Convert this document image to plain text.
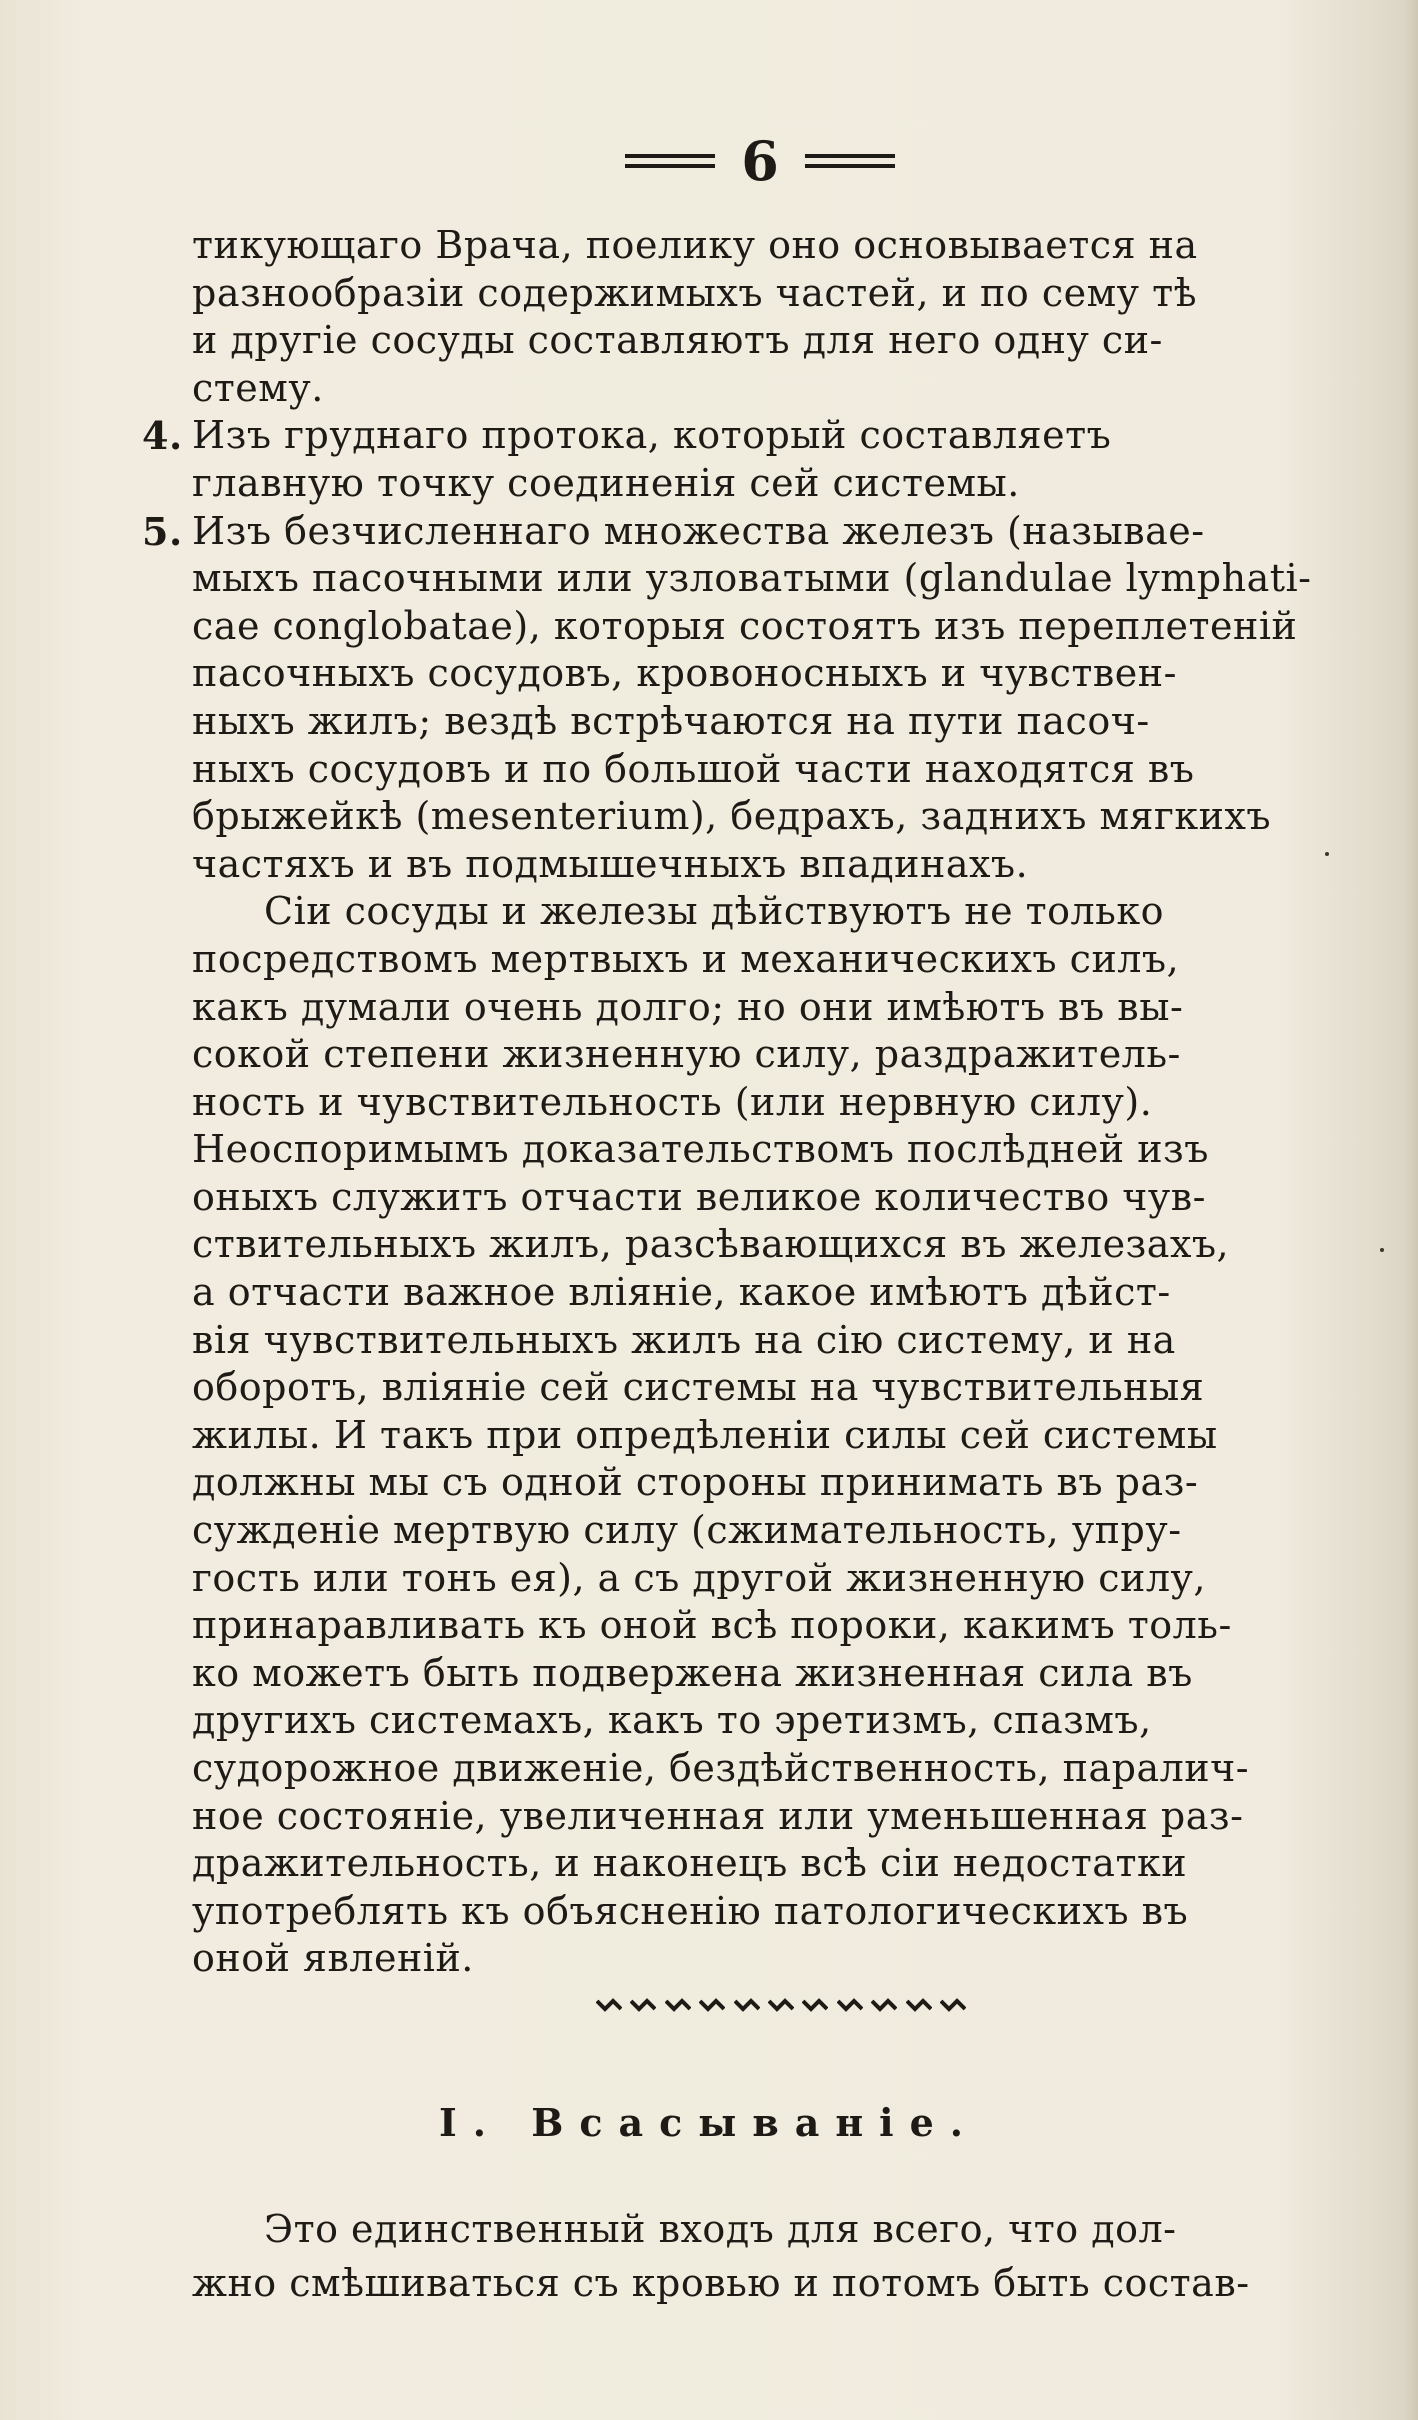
6
тикующаго Врача, поелику оно основывается на
разнообразіи содержимыхъ частей, и по сему тѣ
и другіе сосуды составляютъ для него одну си-
стему.
4. Изъ груднаго протока, который составляетъ
главную точку соединенія сей системы.
5. Изъ безчисленнаго множества железъ (называе-
мыхъ пасочными или узловатыми (glandulae lymphati-
cae conglobatae), которыя состоятъ изъ переплетеній
пасочныхъ сосудовъ, кровоносныхъ и чувствен-
ныхъ жилъ; вездѣ встрѣчаются на пути пасоч-
ныхъ сосудовъ и по большой части находятся въ
брыжейкѣ (mesenterium), бедрахъ, заднихъ мягкихъ
частяхъ и въ подмышечныхъ впадинахъ.
Сіи сосуды и железы дѣйствуютъ не только
посредствомъ мертвыхъ и механическихъ силъ,
какъ думали очень долго; но они имѣютъ въ вы-
сокой степени жизненную силу, раздражитель-
ность и чувствительность (или нервную силу).
Неоспоримымъ доказательствомъ послѣдней изъ
оныхъ служитъ отчасти великое количество чув-
ствительныхъ жилъ, разсѣвающихся въ железахъ,
а отчасти важное вліяніе, какое имѣютъ дѣйст-
вія чувствительныхъ жилъ на сію систему, и на
оборотъ, вліяніе сей системы на чувствительныя
жилы. И такъ при опредѣленіи силы сей системы
должны мы съ одной стороны принимать въ раз-
сужденіе мертвую силу (сжимательность, упру-
гость или тонъ ея), а съ другой жизненную силу,
принаравливать къ оной всѣ пороки, какимъ толь-
ко можетъ быть подвержена жизненная сила въ
другихъ системахъ, какъ то эретизмъ, спазмъ,
судорожное движеніе, бездѣйственность, паралич-
ное состояніе, увеличенная или уменьшенная раз-
дражительность, и наконецъ всѣ сіи недостатки
употреблять къ объясненію патологическихъ въ
оной явленій.
I. Всасываніе.
Это единственный входъ для всего, что дол-
жно смѣшиваться съ кровью и потомъ быть состав-
